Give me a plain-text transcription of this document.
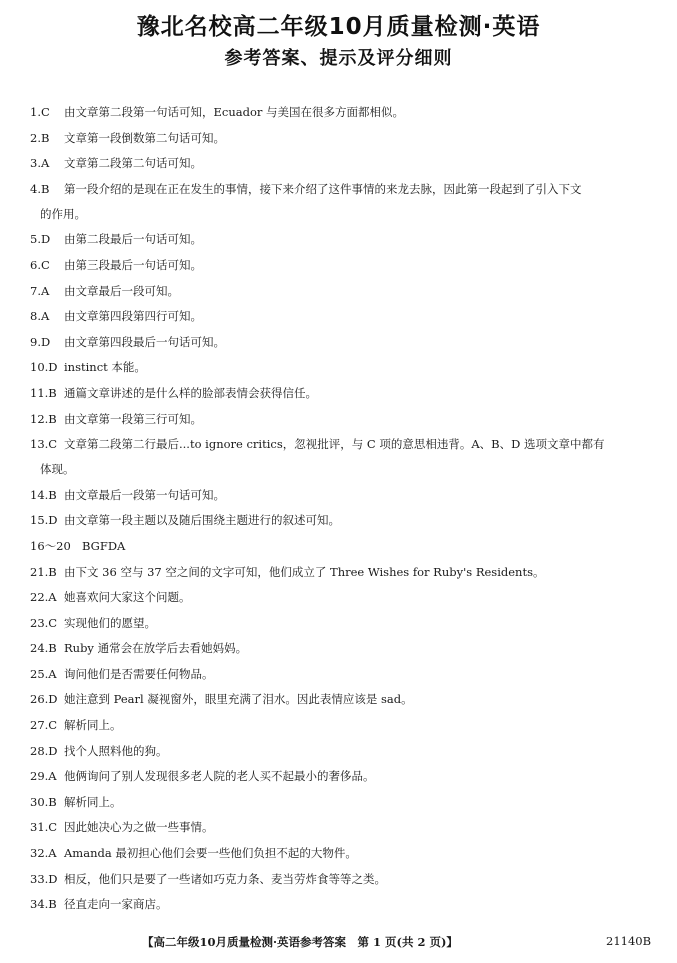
豫北名校高二年级10月质量检测·英语
参考答案、提示及评分细则
1.C	由文章第二段第一句话可知，Ecuador 与美国在很多方面都相似。
2.B	文章第一段倒数第二句话可知。
3.A	文章第二段第二句话可知。
4.B	第一段介绍的是现在正在发生的事情，接下来介绍了这件事情的来龙去脉，因此第一段起到了引入下文
的作用。
5.D	由第二段最后一句话可知。
6.C	由第三段最后一句话可知。
7.A	由文章最后一段可知。
8.A	由文章第四段第四行可知。
9.D	由文章第四段最后一句话可知。
10.D instinct 本能。
11.B 通篇文章讲述的是什么样的脸部表情会获得信任。
12.B 由文章第一段第三行可知。
13.C 文章第二段第二行最后...to ignore critics，忽视批评，与 C 项的意思相违背。A、B、D 选项文章中都有
体现。
14.B 由文章最后一段第一句话可知。
15.D 由文章第一段主题以及随后围绕主题进行的叙述可知。
16～20 BGFDA
21.B 由下文 36 空与 37 空之间的文字可知，他们成立了 Three Wishes for Ruby's Residents。
22.A 她喜欢问大家这个问题。
23.C 实现他们的愿望。
24.B Ruby 通常会在放学后去看她妈妈。
25.A 询问他们是否需要任何物品。
26.D 她注意到 Pearl 凝视窗外，眼里充满了泪水。因此表情应该是 sad。
27.C 解析同上。
28.D 找个人照料他的狗。
29.A 他俩询问了别人发现很多老人院的老人买不起最小的奢侈品。
30.B 解析同上。
31.C 因此她决心为之做一些事情。
32.A Amanda 最初担心他们会要一些他们负担不起的大物件。
33.D 相反，他们只是要了一些诸如巧克力条、麦当劳炸食等等之类。
34.B 径直走向一家商店。
【高二年级10月质量检测·英语参考答案　第 1 页(共 2 页)】	21140B
